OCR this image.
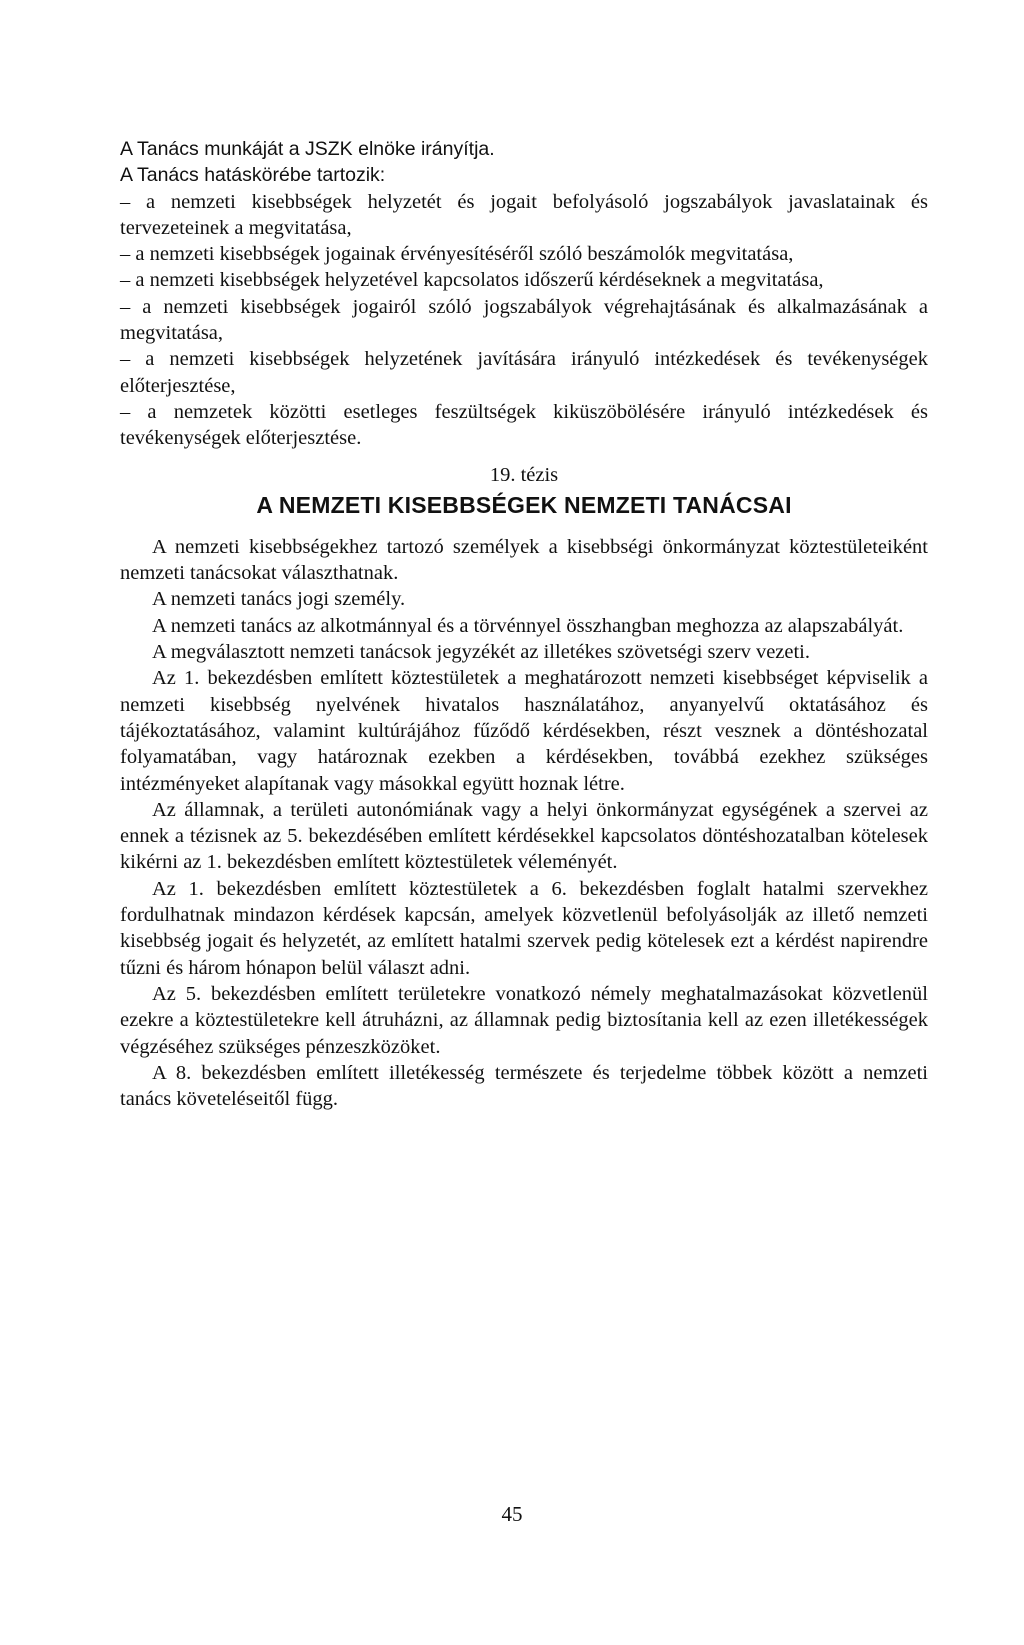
A Tanács munkáját a JSZK elnöke irányítja.

A Tanács hatáskörébe tartozik:

– a nemzeti kisebbségek helyzetét és jogait befolyásoló jogszabályok javaslatainak és tervezeteinek a megvitatása,

– a nemzeti kisebbségek jogainak érvényesítéséről szóló beszámolók megvitatása,

– a nemzeti kisebbségek helyzetével kapcsolatos időszerű kérdéseknek a megvitatása,

– a nemzeti kisebbségek jogairól szóló jogszabályok végrehajtásának és alkalmazásának a megvitatása,

– a nemzeti kisebbségek helyzetének javítására irányuló intézkedések és tevékenységek előterjesztése,

– a nemzetek közötti esetleges feszültségek kiküszöbölésére irányuló intézkedések és tevékenységek előterjesztése.

19. tézis

A NEMZETI KISEBBSÉGEK NEMZETI TANÁCSAI

A nemzeti kisebbségekhez tartozó személyek a kisebbségi önkormányzat köztestületeiként nemzeti tanácsokat választhatnak.

A nemzeti tanács jogi személy.

A nemzeti tanács az alkotmánnyal és a törvénnyel összhangban meghozza az alapszabályát.

A megválasztott nemzeti tanácsok jegyzékét az illetékes szövetségi szerv vezeti.

Az 1. bekezdésben említett köztestületek a meghatározott nemzeti kisebbséget képviselik a nemzeti kisebbség nyelvének hivatalos használatához, anyanyelvű oktatásához és tájékoztatásához, valamint kultúrájához fűződő kérdésekben, részt vesznek a döntéshozatal folyamatában, vagy határoznak ezekben a kérdésekben, továbbá ezekhez szükséges intézményeket alapítanak vagy másokkal együtt hoznak létre.

Az államnak, a területi autonómiának vagy a helyi önkormányzat egységének a szervei az ennek a tézisnek az 5. bekezdésében említett kérdésekkel kapcsolatos döntéshozatalban kötelesek kikérni az 1. bekezdésben említett köztestületek véleményét.

Az 1. bekezdésben említett köztestületek a 6. bekezdésben foglalt hatalmi szervekhez fordulhatnak mindazon kérdések kapcsán, amelyek közvetlenül befolyásolják az illető nemzeti kisebbség jogait és helyzetét, az említett hatalmi szervek pedig kötelesek ezt a kérdést napirendre tűzni és három hónapon belül választ adni.

Az 5. bekezdésben említett területekre vonatkozó némely meghatalmazásokat közvetlenül ezekre a köztestületekre kell átruházni, az államnak pedig biztosítania kell az ezen illetékességek végzéséhez szükséges pénzeszközöket.

A 8. bekezdésben említett illetékesség természete és terjedelme többek között a nemzeti tanács követeléseitől függ.

45
